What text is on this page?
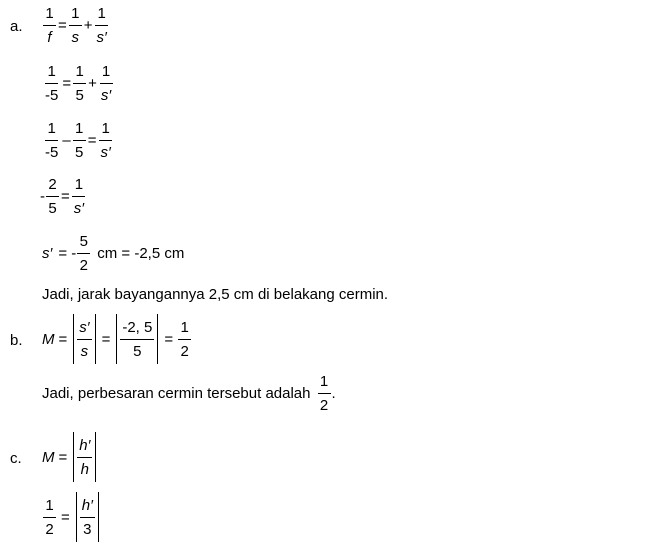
a. $\frac{1}{f} = \frac{1}{s} + \frac{1}{s'}$
$\frac{1}{-5} = \frac{1}{5} + \frac{1}{s'}$
$\frac{1}{-5} - \frac{1}{5} = \frac{1}{s'}$
- $\frac{2}{5} = \frac{1}{s'}$
s′ = - $\frac{5}{2}$ cm = -2,5 cm
Jadi, jarak bayangannya 2,5 cm di belakang cermin.
b. $M = \frac{s'}{s} = \frac{-2, 5}{5} = \frac{1}{2}$
Jadi, perbesaran cermin tersebut adalah $\frac{1}{2}$ .
c. $M = \frac{h'}{h}$
$\frac{1}{2} = \frac{h'}{3}$
